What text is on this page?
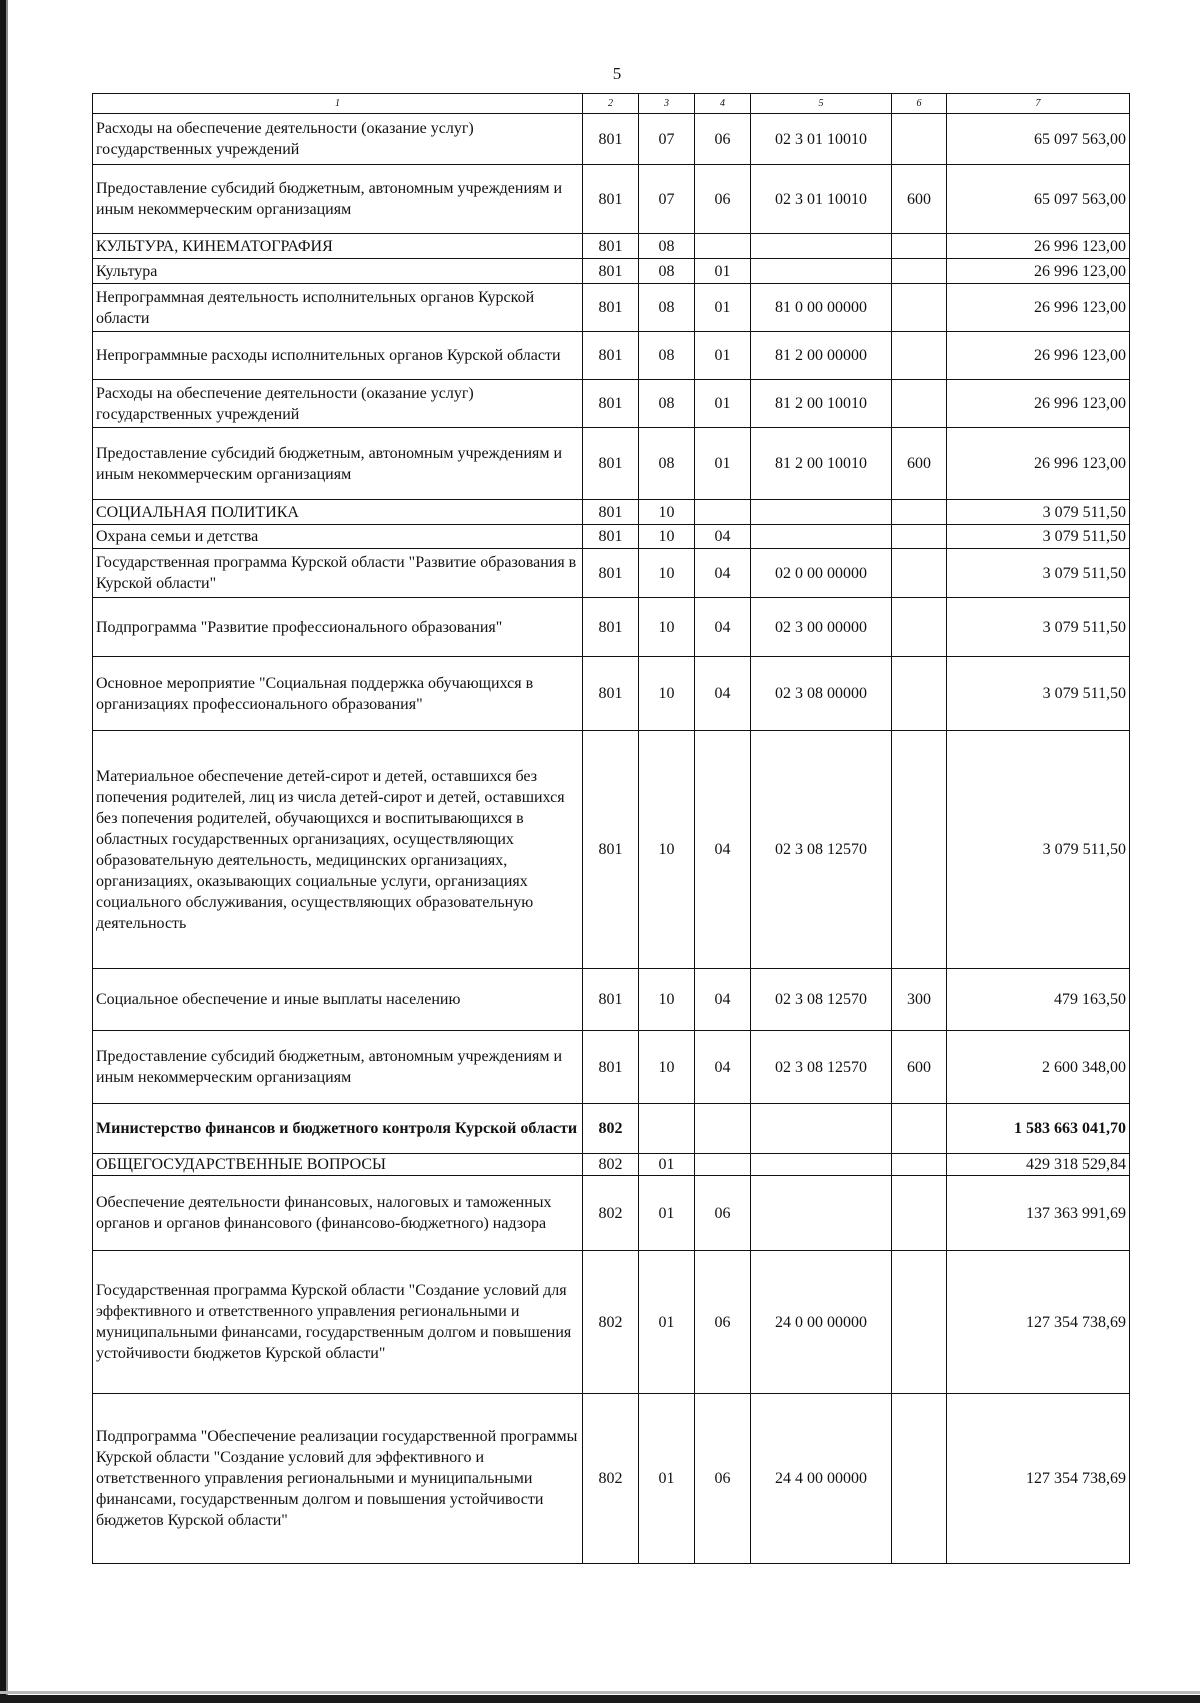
5
1	2	3	4	5	6	7
Расходы на обеспечение деятельности (оказание услуг) государственных учреждений	801	07	06	02 3 01 10010		65 097 563,00
Предоставление субсидий бюджетным, автономным учреждениям и иным некоммерческим организациям	801	07	06	02 3 01 10010	600	65 097 563,00
КУЛЬТУРА, КИНЕМАТОГРАФИЯ	801	08				26 996 123,00
Культура	801	08	01			26 996 123,00
Непрограммная деятельность исполнительных органов Курской области	801	08	01	81 0 00 00000		26 996 123,00
Непрограммные расходы исполнительных органов Курской области	801	08	01	81 2 00 00000		26 996 123,00
Расходы на обеспечение деятельности (оказание услуг) государственных учреждений	801	08	01	81 2 00 10010		26 996 123,00
Предоставление субсидий бюджетным, автономным учреждениям и иным некоммерческим организациям	801	08	01	81 2 00 10010	600	26 996 123,00
СОЦИАЛЬНАЯ ПОЛИТИКА	801	10				3 079 511,50
Охрана семьи и детства	801	10	04			3 079 511,50
Государственная программа Курской области "Развитие образования в Курской области"	801	10	04	02 0 00 00000		3 079 511,50
Подпрограмма "Развитие профессионального образования"	801	10	04	02 3 00 00000		3 079 511,50
Основное мероприятие "Социальная поддержка обучающихся в организациях профессионального образования"	801	10	04	02 3 08 00000		3 079 511,50
Материальное обеспечение детей-сирот и детей, оставшихся без попечения родителей, лиц из числа детей-сирот и детей, оставшихся без попечения родителей, обучающихся и воспитывающихся в областных государственных организациях, осуществляющих образовательную деятельность, медицинских организациях, организациях, оказывающих социальные услуги, организациях социального обслуживания, осуществляющих образовательную деятельность	801	10	04	02 3 08 12570		3 079 511,50
Социальное обеспечение и иные выплаты населению	801	10	04	02 3 08 12570	300	479 163,50
Предоставление субсидий бюджетным, автономным учреждениям и иным некоммерческим организациям	801	10	04	02 3 08 12570	600	2 600 348,00
Министерство финансов и бюджетного контроля Курской области	802					1 583 663 041,70
ОБЩЕГОСУДАРСТВЕННЫЕ ВОПРОСЫ	802	01				429 318 529,84
Обеспечение деятельности финансовых, налоговых и таможенных органов и органов финансового (финансово-бюджетного) надзора	802	01	06			137 363 991,69
Государственная программа Курской области "Создание условий для эффективного и ответственного управления региональными и муниципальными финансами, государственным долгом и повышения устойчивости бюджетов Курской области"	802	01	06	24 0 00 00000		127 354 738,69
Подпрограмма "Обеспечение реализации государственной программы Курской области "Создание условий для эффективного и ответственного управления региональными и муниципальными финансами, государственным долгом и повышения устойчивости бюджетов Курской области"	802	01	06	24 4 00 00000		127 354 738,69
